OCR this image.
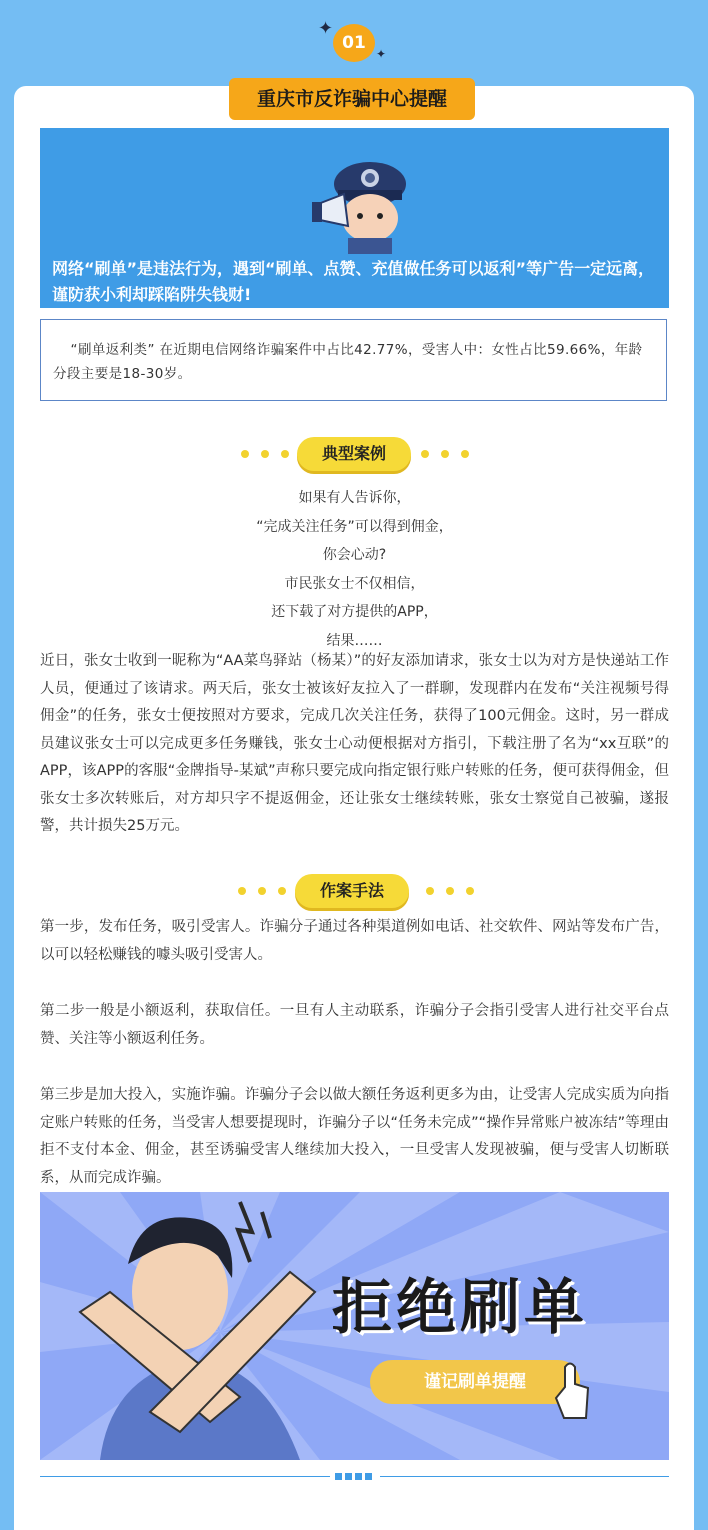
✦
✦
01
重庆市反诈骗中心提醒
网络“刷单”是违法行为，遇到“刷单、点赞、充值做任务可以返利”等广告一定远离，谨防获小利却踩陷阱失钱财!
“刷单返利类” 在近期电信网络诈骗案件中占比42.77%，受害人中：女性占比59.66%，年龄分段主要是18-30岁。
典型案例
如果有人告诉你，
“完成关注任务”可以得到佣金，
你会心动?
市民张女士不仅相信，
还下载了对方提供的APP，
结果……
近日，张女士收到一昵称为“AA菜鸟驿站（杨某）”的好友添加请求，张女士以为对方是快递站工作人员，便通过了该请求。两天后，张女士被该好友拉入了一群聊，发现群内在发布“关注视频号得佣金”的任务，张女士便按照对方要求，完成几次关注任务，获得了100元佣金。这时，另一群成员建议张女士可以完成更多任务赚钱，张女士心动便根据对方指引，下载注册了名为“xx互联”的APP，该APP的客服“金牌指导-某斌”声称只要完成向指定银行账户转账的任务，便可获得佣金，但张女士多次转账后，对方却只字不提返佣金，还让张女士继续转账，张女士察觉自己被骗，遂报警，共计损失25万元。
作案手法
第一步，发布任务，吸引受害人。诈骗分子通过各种渠道例如电话、社交软件、网站等发布广告，以可以轻松赚钱的噱头吸引受害人。
第二步一般是小额返利，获取信任。一旦有人主动联系，诈骗分子会指引受害人进行社交平台点赞、关注等小额返利任务。
第三步是加大投入，实施诈骗。诈骗分子会以做大额任务返利更多为由，让受害人完成实质为向指定账户转账的任务，当受害人想要提现时，诈骗分子以“任务未完成”“操作异常账户被冻结”等理由拒不支付本金、佣金，甚至诱骗受害人继续加大投入，一旦受害人发现被骗，便与受害人切断联系，从而完成诈骗。
拒绝刷单
谨记刷单提醒
